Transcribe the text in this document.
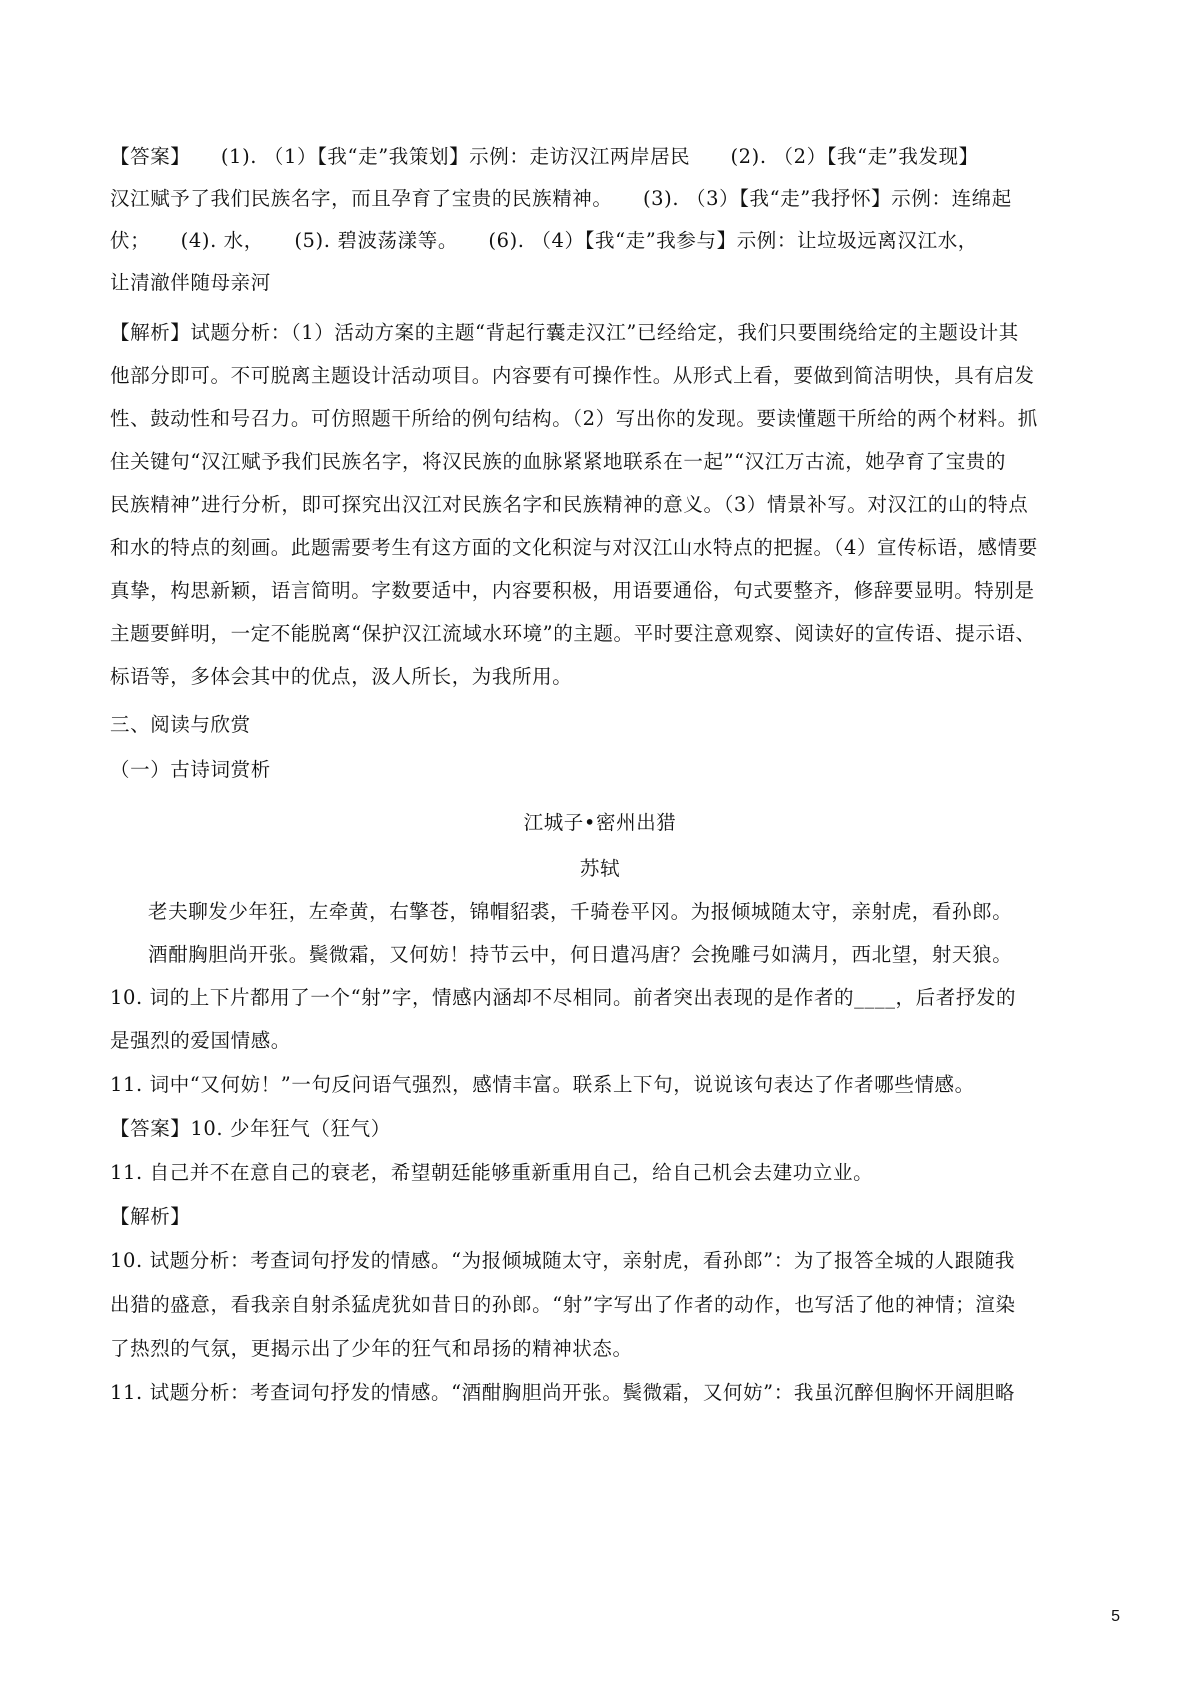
【答案】　　(1). （1）【我“走”我策划】示例：走访汉江两岸居民　　(2). （2）【我“走”我发现】
汉江赋予了我们民族名字，而且孕育了宝贵的民族精神。　　(3). （3）【我“走”我抒怀】示例：连绵起
伏；　　(4). 水，　　(5). 碧波荡漾等。　　(6). （4）【我“走”我参与】示例：让垃圾远离汉江水，
让清澈伴随母亲河
【解析】试题分析：（1）活动方案的主题“背起行囊走汉江”已经给定，我们只要围绕给定的主题设计其
他部分即可。不可脱离主题设计活动项目。内容要有可操作性。从形式上看，要做到简洁明快，具有启发
性、鼓动性和号召力。可仿照题干所给的例句结构。（2）写出你的发现。要读懂题干所给的两个材料。抓
住关键句“汉江赋予我们民族名字，将汉民族的血脉紧紧地联系在一起”“汉江万古流，她孕育了宝贵的
民族精神”进行分析，即可探究出汉江对民族名字和民族精神的意义。（3）情景补写。对汉江的山的特点
和水的特点的刻画。此题需要考生有这方面的文化积淀与对汉江山水特点的把握。（4）宣传标语，感情要
真挚，构思新颖，语言简明。字数要适中，内容要积极，用语要通俗，句式要整齐，修辞要显明。特别是
主题要鲜明，一定不能脱离“保护汉江流域水环境”的主题。平时要注意观察、阅读好的宣传语、提示语、
标语等，多体会其中的优点，汲人所长，为我所用。
三、阅读与欣赏
（一）古诗词赏析
江城子•密州出猎
苏轼
老夫聊发少年狂，左牵黄，右擎苍，锦帽貂裘，千骑卷平冈。为报倾城随太守，亲射虎，看孙郎。
酒酣胸胆尚开张。鬓微霜，又何妨！持节云中，何日遣冯唐？会挽雕弓如满月，西北望，射天狼。
10. 词的上下片都用了一个“射”字，情感内涵却不尽相同。前者突出表现的是作者的____，后者抒发的
是强烈的爱国情感。
11. 词中“又何妨！”一句反问语气强烈，感情丰富。联系上下句，说说该句表达了作者哪些情感。
【答案】10. 少年狂气（狂气）
11. 自己并不在意自己的衰老，希望朝廷能够重新重用自己，给自己机会去建功立业。
【解析】
10. 试题分析：考查词句抒发的情感。“为报倾城随太守，亲射虎，看孙郎”：为了报答全城的人跟随我
出猎的盛意，看我亲自射杀猛虎犹如昔日的孙郎。“射”字写出了作者的动作，也写活了他的神情；渲染
了热烈的气氛，更揭示出了少年的狂气和昂扬的精神状态。
11. 试题分析：考查词句抒发的情感。“酒酣胸胆尚开张。鬓微霜，又何妨”：我虽沉醉但胸怀开阔胆略
5
